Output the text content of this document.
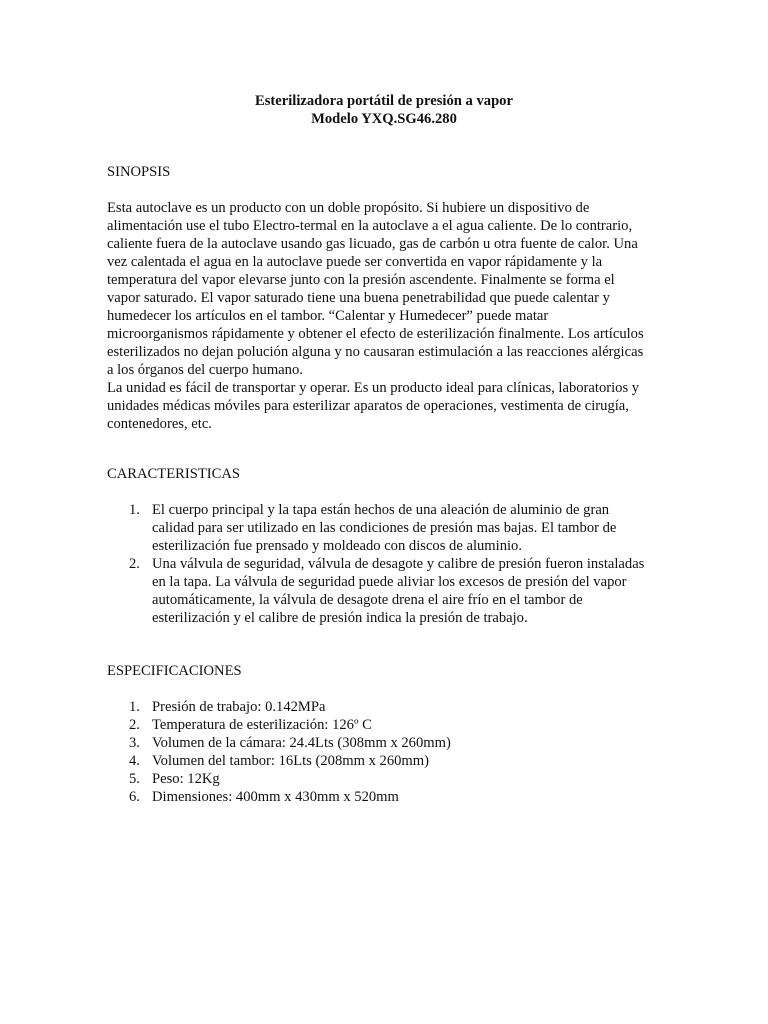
Esterilizadora portátil de presión a vapor
Modelo YXQ.SG46.280
SINOPSIS
Esta autoclave es un producto con un doble propósito. Si hubiere un dispositivo de
alimentación use el tubo Electro-termal en la autoclave a el agua caliente. De lo contrario,
caliente fuera de la autoclave usando gas licuado, gas de carbón u otra fuente de calor. Una
vez calentada el agua en la autoclave puede ser convertida en vapor rápidamente y la
temperatura del vapor elevarse junto con la presión ascendente. Finalmente se forma el
vapor saturado. El vapor saturado tiene una buena penetrabilidad que puede calentar y
humedecer los artículos en el tambor. “Calentar y Humedecer” puede matar
microorganismos rápidamente y obtener el efecto de esterilización finalmente. Los artículos
esterilizados no dejan polución alguna y no causaran estimulación a las reacciones alérgicas
a los órganos del cuerpo humano.
La unidad es fácil de transportar y operar. Es un producto ideal para clínicas, laboratorios y
unidades médicas móviles para esterilizar aparatos de operaciones, vestimenta de cirugía,
contenedores, etc.
CARACTERISTICAS
1. El cuerpo principal y la tapa están hechos de una aleación de aluminio de gran
calidad para ser utilizado en las condiciones de presión mas bajas. El tambor de
esterilización fue prensado y moldeado con discos de aluminio.
2. Una válvula de seguridad, válvula de desagote y calibre de presión fueron instaladas
en la tapa. La válvula de seguridad puede aliviar los excesos de presión del vapor
automáticamente, la válvula de desagote drena el aire frío en el tambor de
esterilización y el calibre de presión indica la presión de trabajo.
ESPECIFICACIONES
1. Presión de trabajo: 0.142MPa
2. Temperatura de esterilización: 126º C
3. Volumen de la cámara: 24.4Lts (308mm x 260mm)
4. Volumen del tambor: 16Lts (208mm x 260mm)
5. Peso: 12Kg
6. Dimensiones: 400mm x 430mm x 520mm
